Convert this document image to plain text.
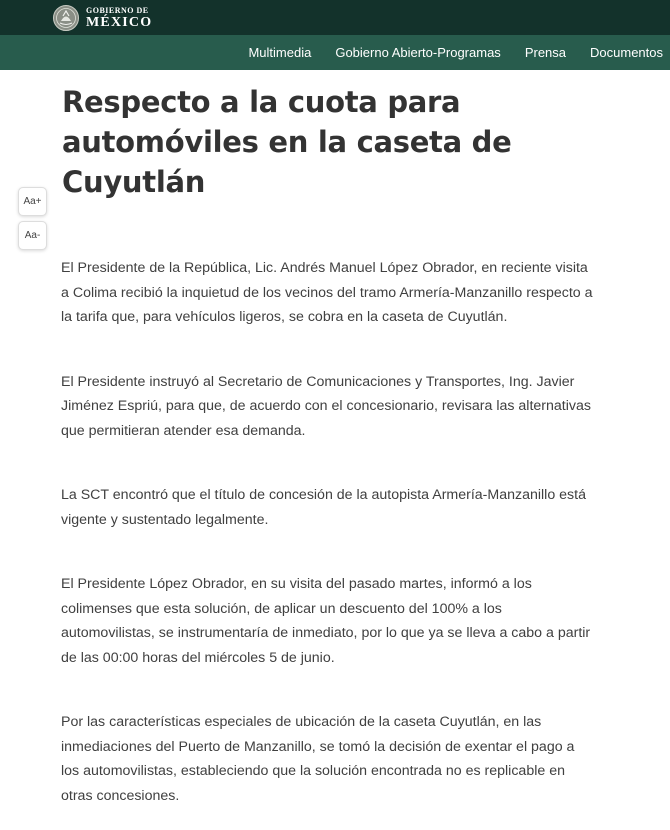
GOBIERNO DE
MÉXICO
Multimedia Gobierno Abierto-Programas Prensa Documentos
Respecto a la cuota para automóviles en la caseta de Cuyutlán
Aa+
Aa-

El Presidente de la República, Lic. Andrés Manuel López Obrador, en reciente visita a Colima recibió la inquietud de los vecinos del tramo Armería-Manzanillo respecto a la tarifa que, para vehículos ligeros, se cobra en la caseta de Cuyutlán.

El Presidente instruyó al Secretario de Comunicaciones y Transportes, Ing. Javier Jiménez Espriú, para que, de acuerdo con el concesionario, revisara las alternativas que permitieran atender esa demanda.

La SCT encontró que el título de concesión de la autopista Armería-Manzanillo está vigente y sustentado legalmente.

El Presidente López Obrador, en su visita del pasado martes, informó a los colimenses que esta solución, de aplicar un descuento del 100% a los automovilistas, se instrumentaría de inmediato, por lo que ya se lleva a cabo a partir de las 00:00 horas del miércoles 5 de junio.

Por las características especiales de ubicación de la caseta Cuyutlán, en las inmediaciones del Puerto de Manzanillo, se tomó la decisión de exentar el pago a los automovilistas, estableciendo que la solución encontrada no es replicable en otras concesiones.
